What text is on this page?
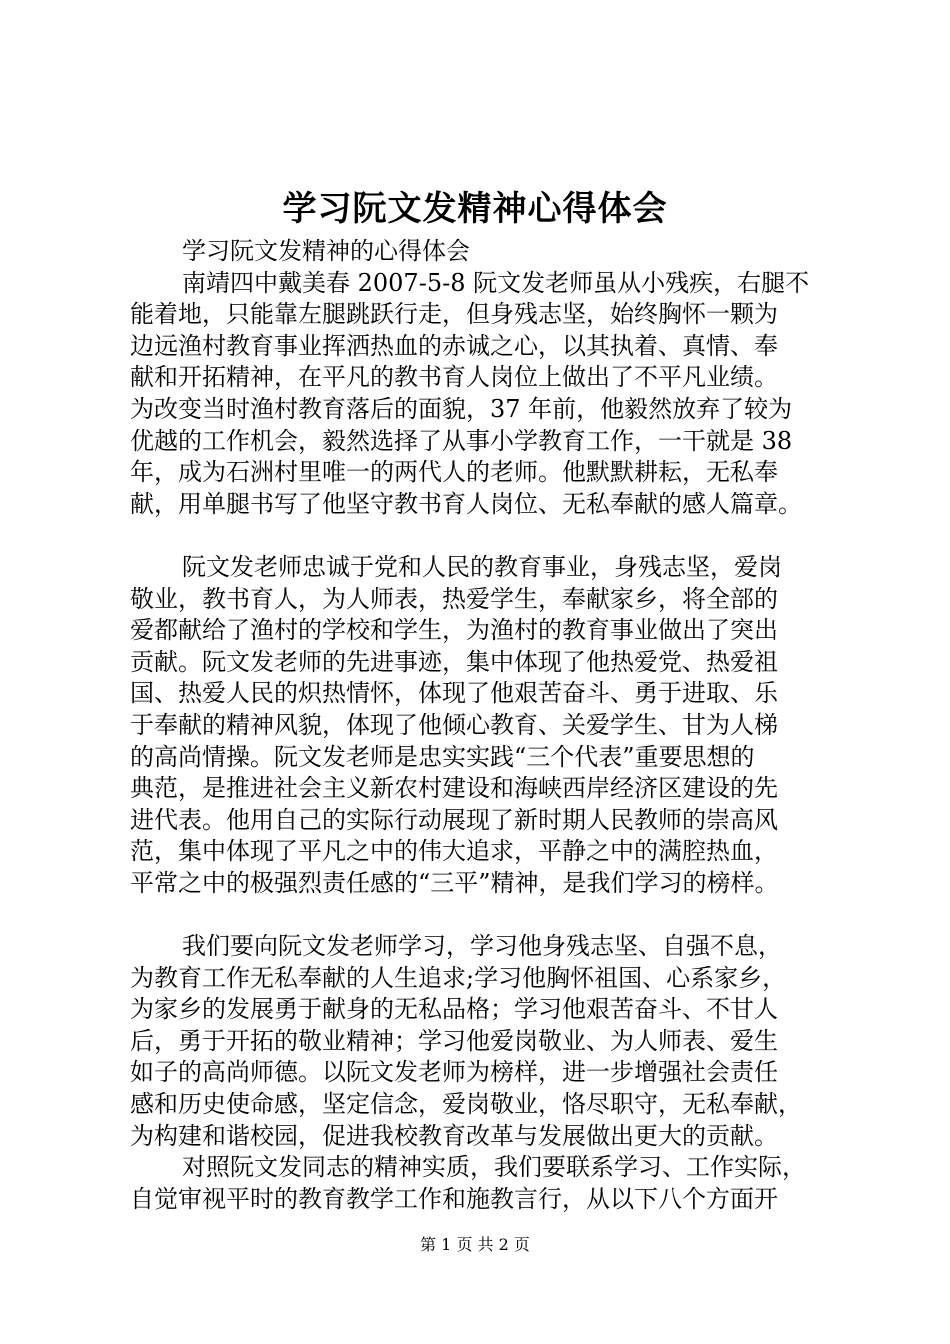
学习阮文发精神心得体会
学习阮文发精神的心得体会
南靖四中戴美春 2007-5-8 阮文发老师虽从小残疾，右腿不
能着地，只能靠左腿跳跃行走，但身残志坚，始终胸怀一颗为
边远渔村教育事业挥洒热血的赤诚之心，以其执着、真情、奉
献和开拓精神，在平凡的教书育人岗位上做出了不平凡业绩。
为改变当时渔村教育落后的面貌，37 年前，他毅然放弃了较为
优越的工作机会，毅然选择了从事小学教育工作，一干就是 38
年，成为石洲村里唯一的两代人的老师。他默默耕耘，无私奉
献，用单腿书写了他坚守教书育人岗位、无私奉献的感人篇章。
阮文发老师忠诚于党和人民的教育事业，身残志坚，爱岗
敬业，教书育人，为人师表，热爱学生，奉献家乡，将全部的
爱都献给了渔村的学校和学生，为渔村的教育事业做出了突出
贡献。阮文发老师的先进事迹，集中体现了他热爱党、热爱祖
国、热爱人民的炽热情怀，体现了他艰苦奋斗、勇于进取、乐
于奉献的精神风貌，体现了他倾心教育、关爱学生、甘为人梯
的高尚情操。阮文发老师是忠实实践“三个代表”重要思想的
典范，是推进社会主义新农村建设和海峡西岸经济区建设的先
进代表。他用自己的实际行动展现了新时期人民教师的崇高风
范，集中体现了平凡之中的伟大追求，平静之中的满腔热血，
平常之中的极强烈责任感的“三平”精神，是我们学习的榜样。
我们要向阮文发老师学习，学习他身残志坚、自强不息，
为教育工作无私奉献的人生追求;学习他胸怀祖国、心系家乡，
为家乡的发展勇于献身的无私品格；学习他艰苦奋斗、不甘人
后，勇于开拓的敬业精神；学习他爱岗敬业、为人师表、爱生
如子的高尚师德。以阮文发老师为榜样，进一步增强社会责任
感和历史使命感，坚定信念，爱岗敬业，恪尽职守，无私奉献，
为构建和谐校园，促进我校教育改革与发展做出更大的贡献。
对照阮文发同志的精神实质，我们要联系学习、工作实际，
自觉审视平时的教育教学工作和施教言行，从以下八个方面开
第 1 页 共 2 页
